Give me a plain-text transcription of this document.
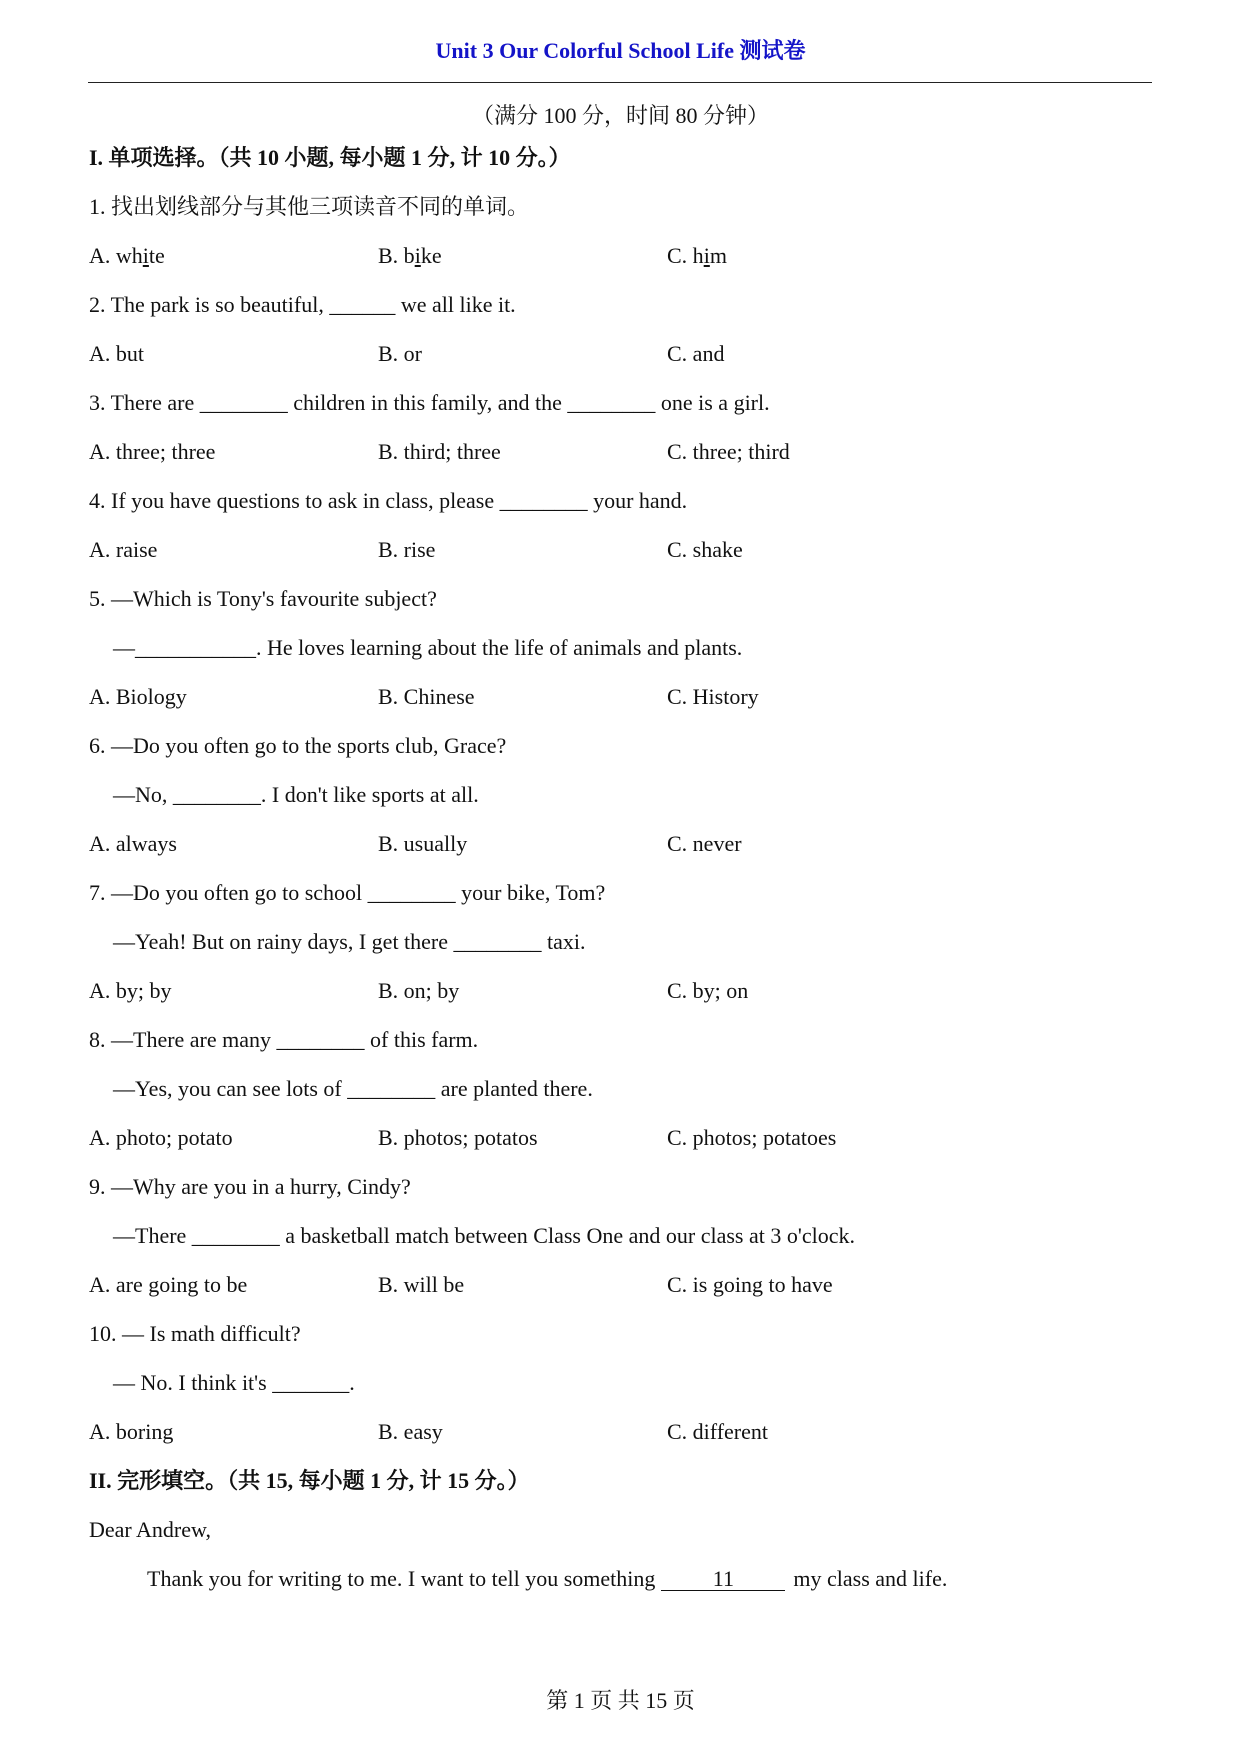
Unit 3 Our Colorful School Life 测试卷
（满分 100 分，时间 80 分钟）
I. 单项选择。（共 10 小题, 每小题 1 分, 计 10 分。）
1. 找出划线部分与其他三项读音不同的单词。
A. white	B. bike	C. him
2. The park is so beautiful, ______ we all like it.
A. but	B. or	C. and
3. There are ________ children in this family, and the ________ one is a girl.
A. three; three	B. third; three	C. three; third
4. If you have questions to ask in class, please ________ your hand.
A. raise	B. rise	C. shake
5. —Which is Tony's favourite subject?
—___________. He loves learning about the life of animals and plants.
A. Biology	B. Chinese	C. History
6. —Do you often go to the sports club, Grace?
—No, ________. I don't like sports at all.
A. always	B. usually	C. never
7. —Do you often go to school ________ your bike, Tom?
—Yeah! But on rainy days, I get there ________ taxi.
A. by; by	B. on; by	C. by; on
8. —There are many ________ of this farm.
—Yes, you can see lots of ________ are planted there.
A. photo; potato	B. photos; potatos	C. photos; potatoes
9. —Why are you in a hurry, Cindy?
—There ________ a basketball match between Class One and our class at 3 o'clock.
A. are going to be	B. will be	C. is going to have
10. — Is math difficult?
— No. I think it's _______.
A. boring	B. easy	C. different
II. 完形填空。（共 15, 每小题 1 分, 计 15 分。）
Dear Andrew,
Thank you for writing to me. I want to tell you something	11	my class and life.
第 1 页 共 15 页
